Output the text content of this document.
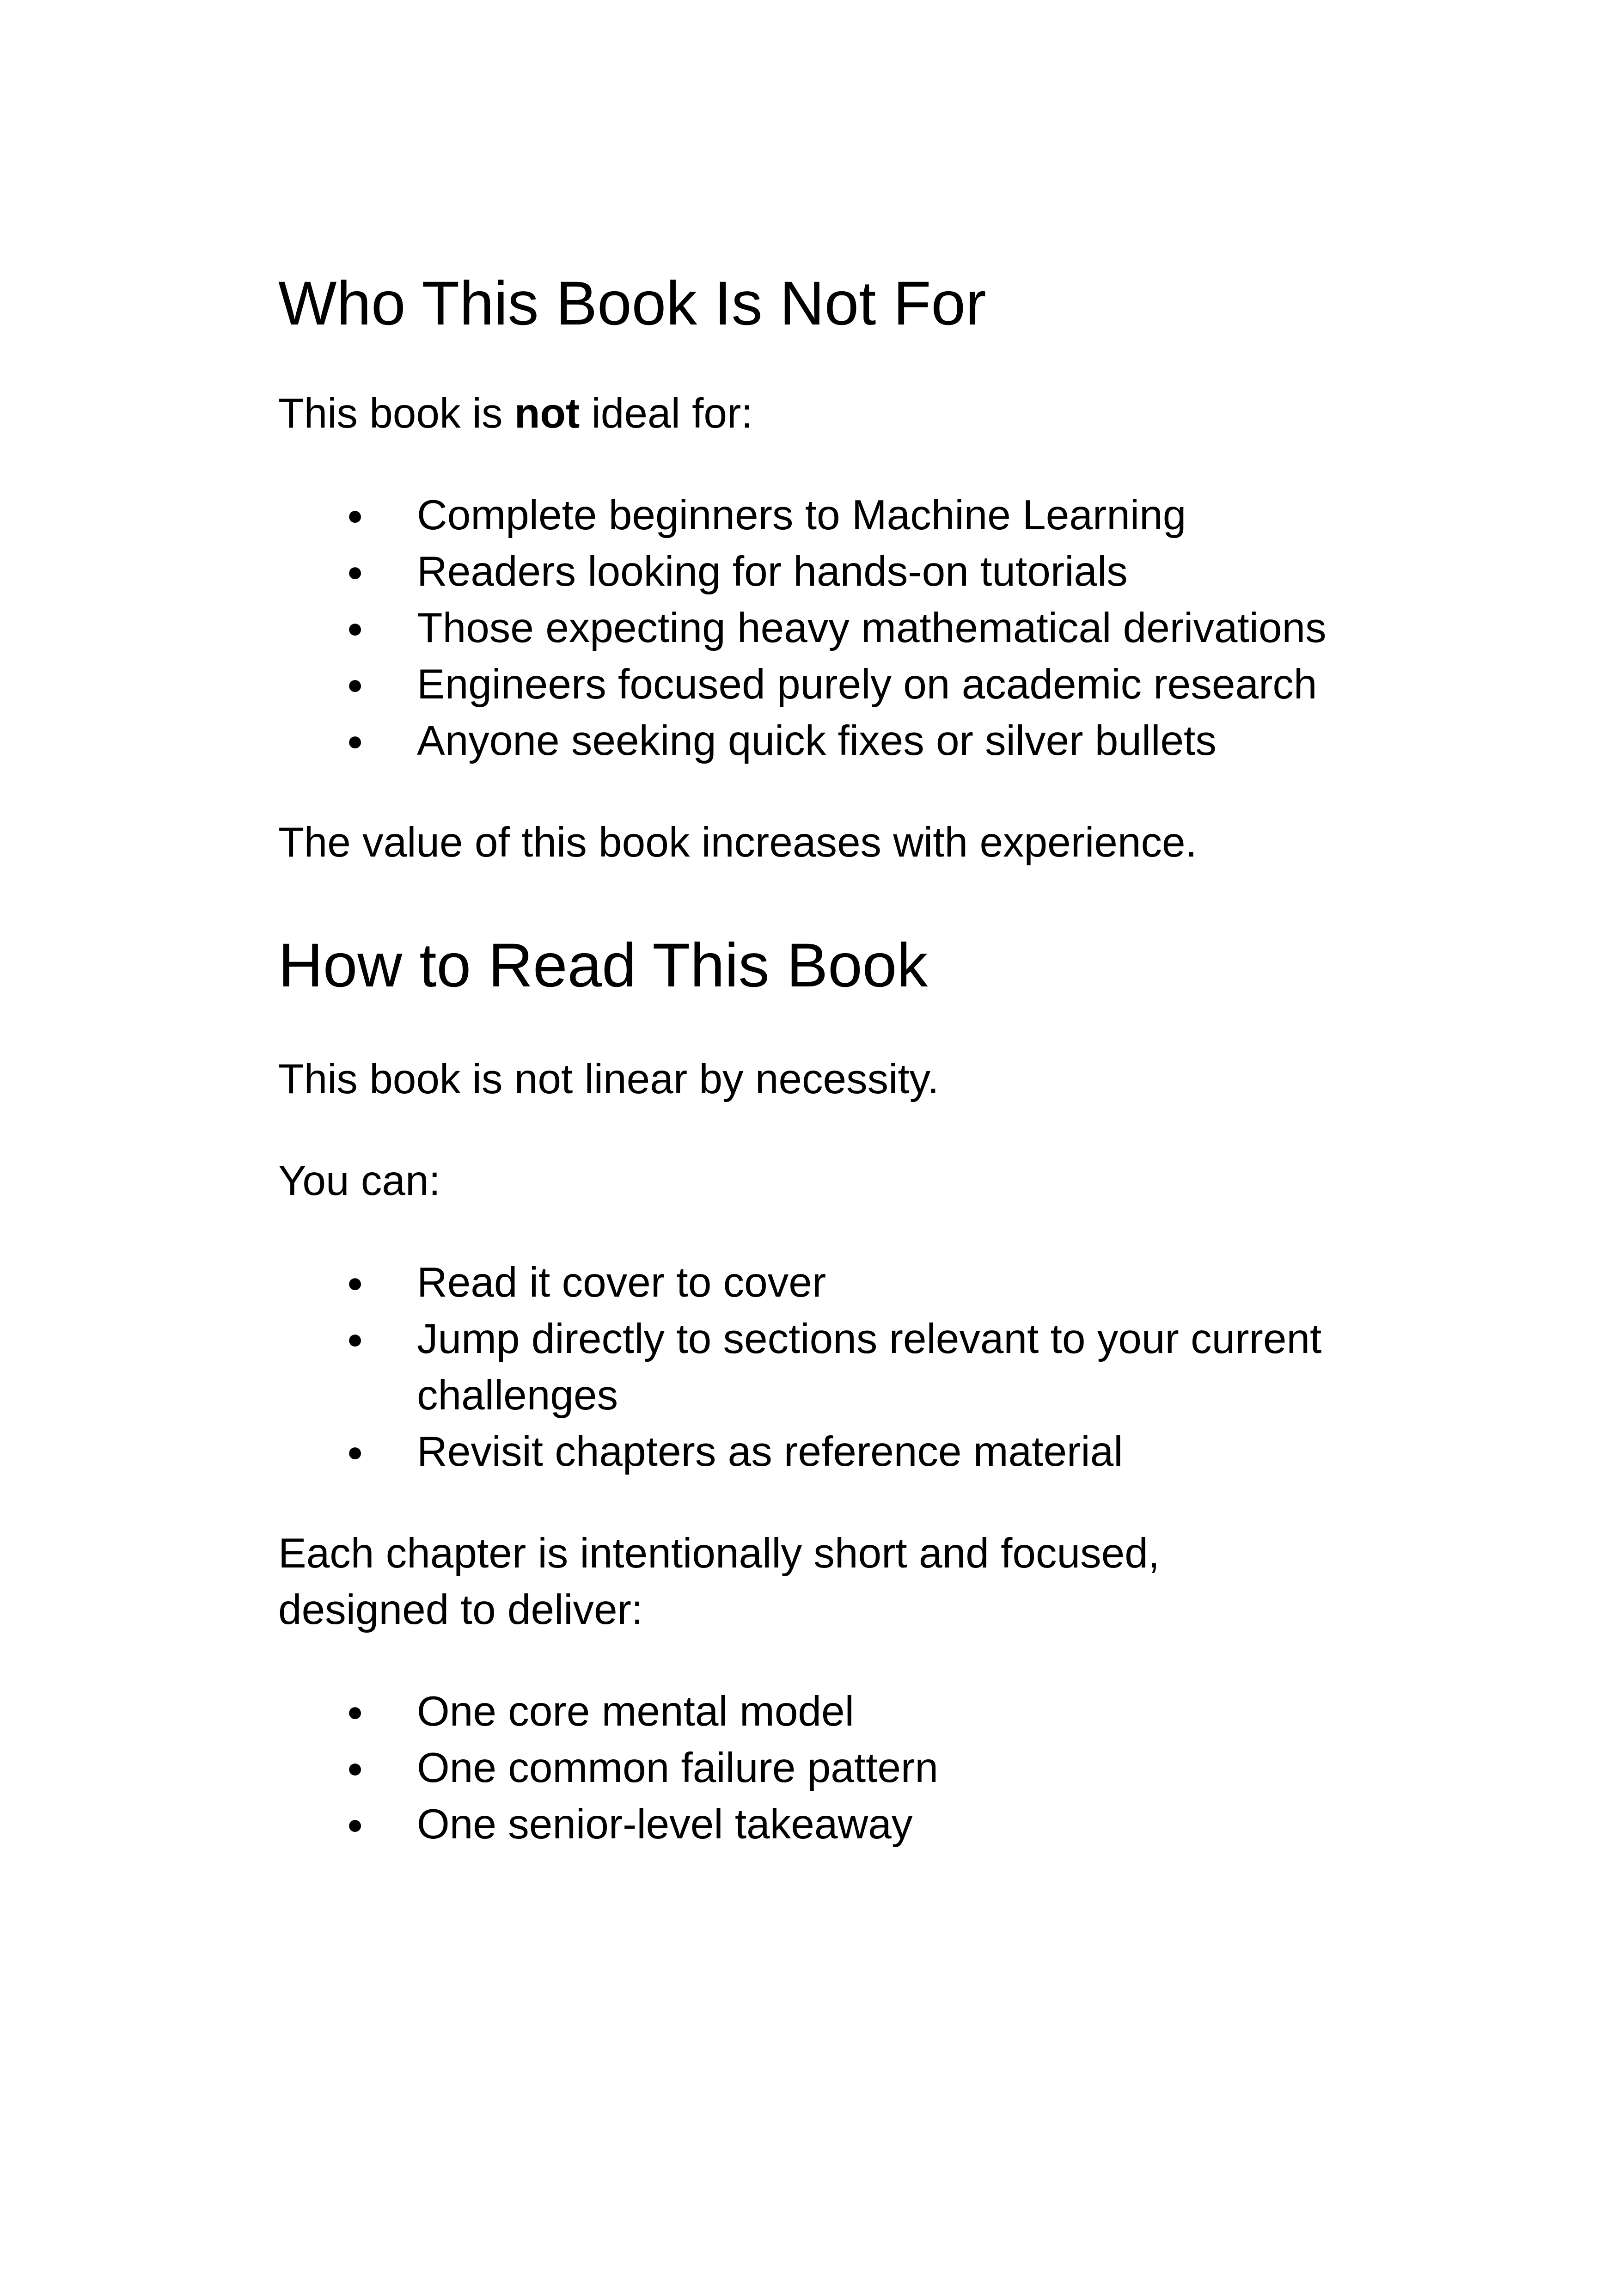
Who This Book Is Not For

This book is not ideal for:

● Complete beginners to Machine Learning
● Readers looking for hands-on tutorials
● Those expecting heavy mathematical derivations
● Engineers focused purely on academic research
● Anyone seeking quick fixes or silver bullets

The value of this book increases with experience.

How to Read This Book

This book is not linear by necessity.

You can:

● Read it cover to cover
● Jump directly to sections relevant to your current challenges
● Revisit chapters as reference material

Each chapter is intentionally short and focused,
designed to deliver:

● One core mental model
● One common failure pattern
● One senior-level takeaway
